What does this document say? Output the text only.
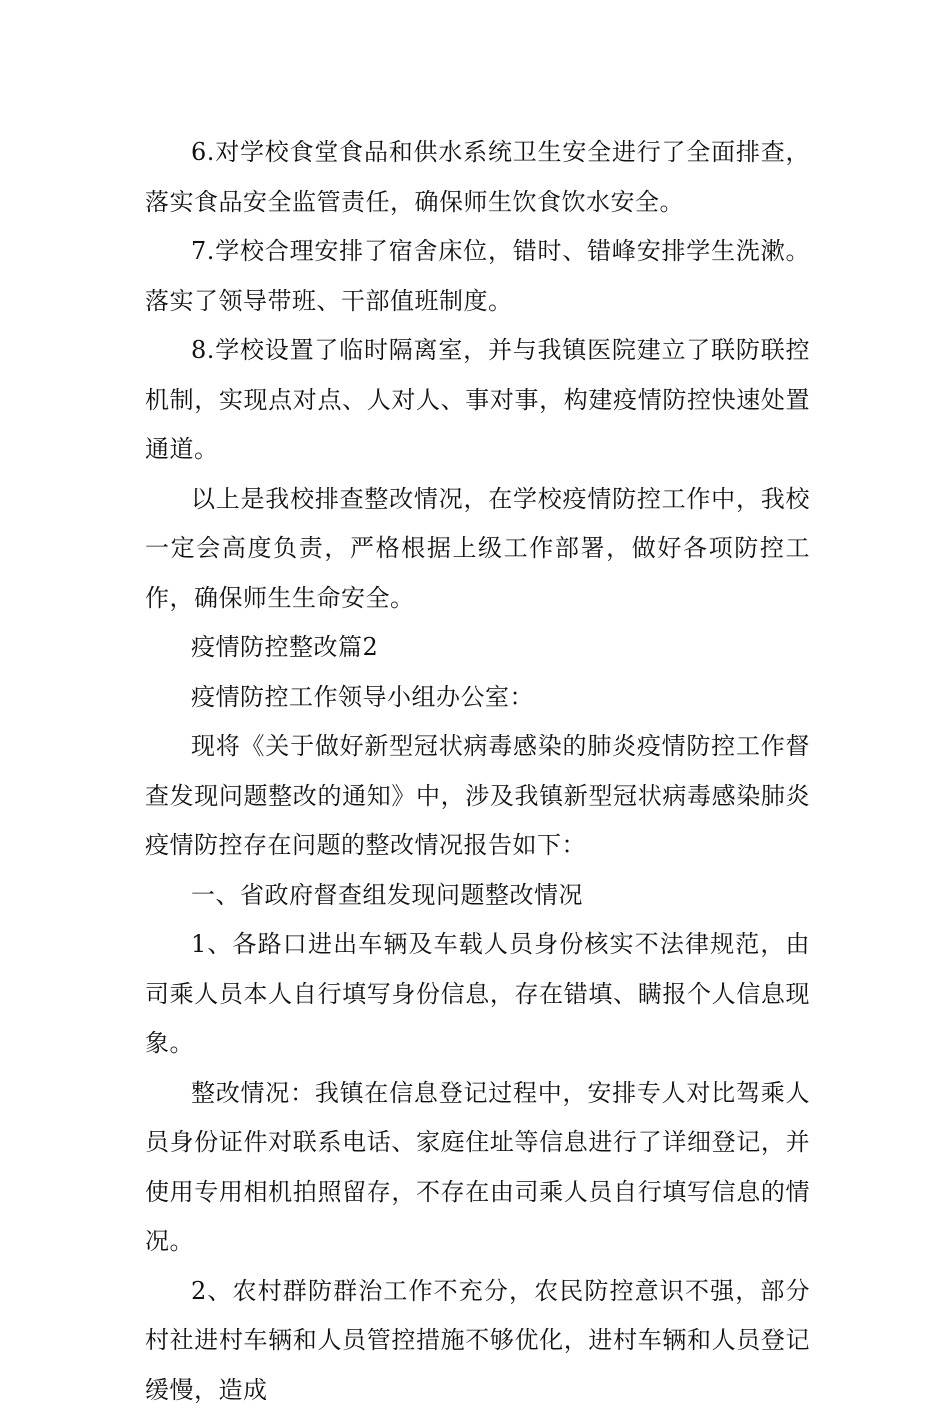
6.对学校食堂食品和供水系统卫生安全进行了全面排查，落实食品安全监管责任，确保师生饮食饮水安全。

7.学校合理安排了宿舍床位，错时、错峰安排学生洗漱。落实了领导带班、干部值班制度。

8.学校设置了临时隔离室，并与我镇医院建立了联防联控机制，实现点对点、人对人、事对事，构建疫情防控快速处置通道。

以上是我校排查整改情况，在学校疫情防控工作中，我校一定会高度负责，严格根据上级工作部署，做好各项防控工作，确保师生生命安全。

疫情防控整改篇2

疫情防控工作领导小组办公室：

现将《关于做好新型冠状病毒感染的肺炎疫情防控工作督查发现问题整改的通知》中，涉及我镇新型冠状病毒感染肺炎疫情防控存在问题的整改情况报告如下：

一、省政府督查组发现问题整改情况

1、各路口进出车辆及车载人员身份核实不法律规范，由司乘人员本人自行填写身份信息，存在错填、瞒报个人信息现象。

整改情况：我镇在信息登记过程中，安排专人对比驾乘人员身份证件对联系电话、家庭住址等信息进行了详细登记，并使用专用相机拍照留存，不存在由司乘人员自行填写信息的情况。

2、农村群防群治工作不充分，农民防控意识不强，部分村社进村车辆和人员管控措施不够优化，进村车辆和人员登记缓慢，造成
